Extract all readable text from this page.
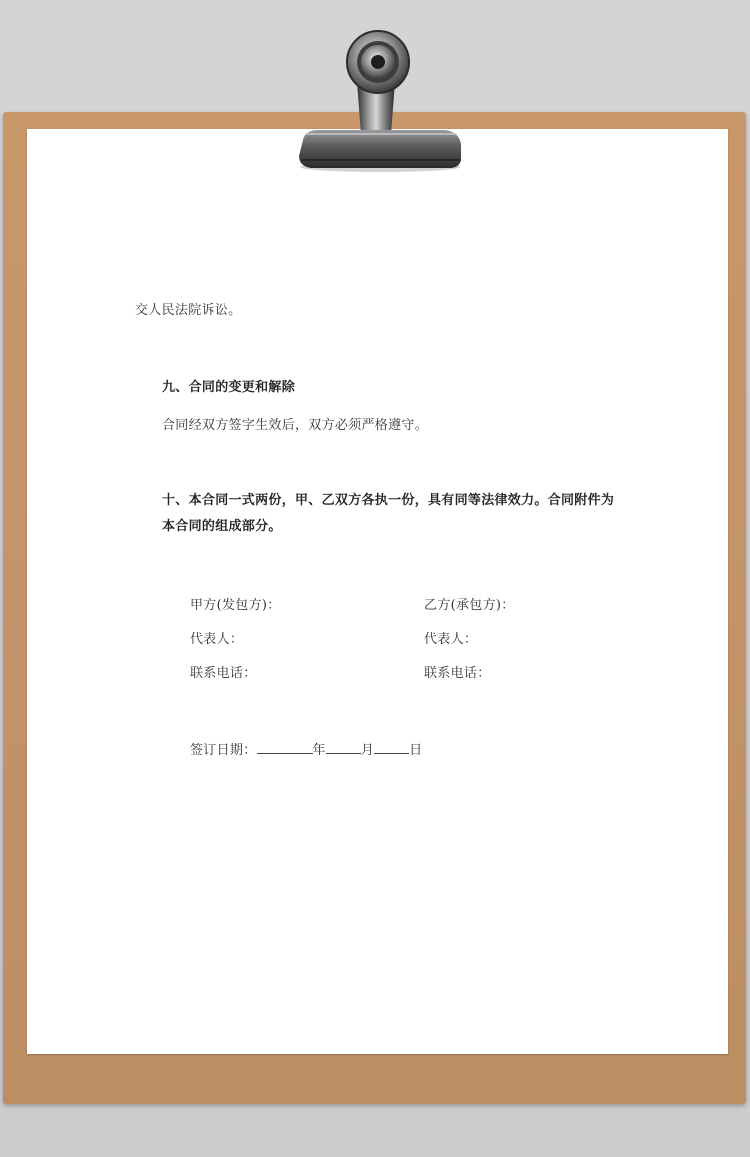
交人民法院诉讼。
九、合同的变更和解除
合同经双方签字生效后，双方必须严格遵守。
十、本合同一式两份，甲、乙双方各执一份，具有同等法律效力。合同附件为本合同的组成部分。
甲方(发包方)：	乙方(承包方)：
代表人：	代表人：
联系电话：	联系电话：
签订日期：	年	月	日
